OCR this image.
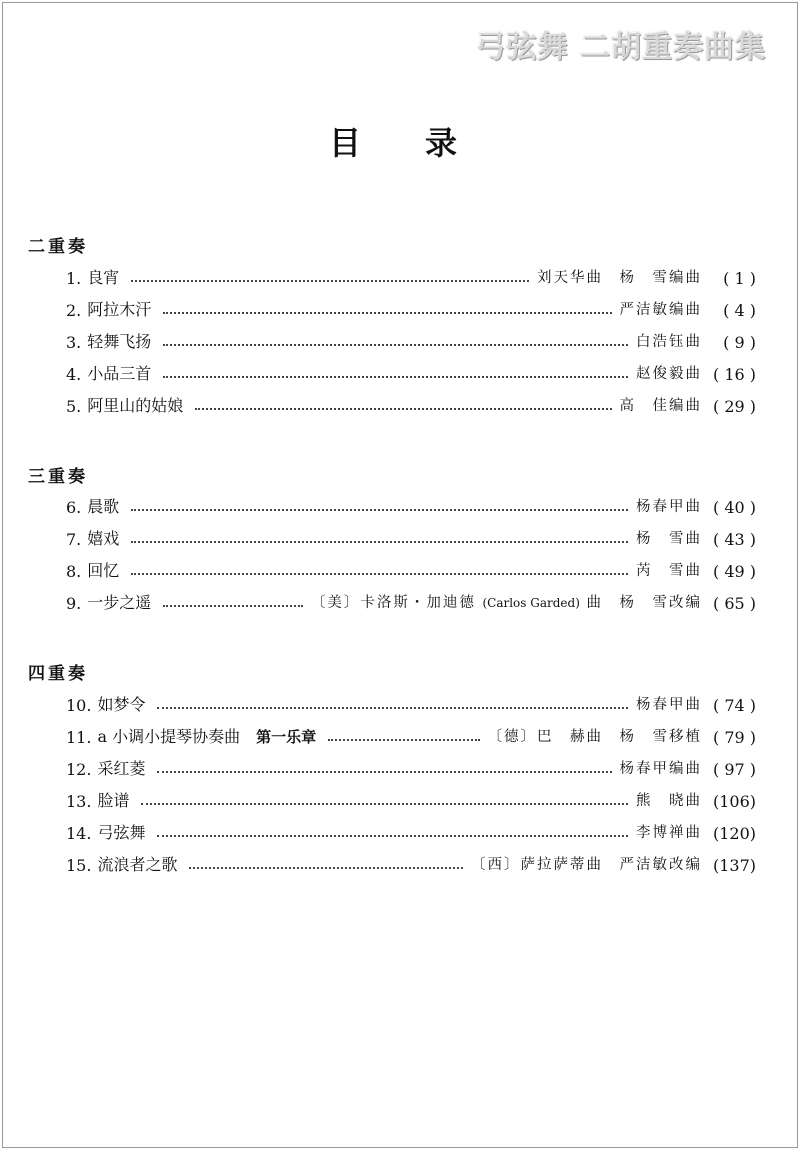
弓弦舞 二胡重奏曲集
目录
二重奏
1. 良宵	刘天华曲　杨　雪编曲	( 1 )
2. 阿拉木汗	严洁敏编曲	( 4 )
3. 轻舞飞扬	白浩钰曲	( 9 )
4. 小品三首	赵俊毅曲 ( 16 )
5. 阿里山的姑娘	高　佳编曲 ( 29 )
三重奏
6. 晨歌	杨春甲曲 ( 40 )
7. 嬉戏	杨　雪曲 ( 43 )
8. 回忆	芮　雪曲 ( 49 )
9. 一步之遥	〔美〕卡洛斯・加迪德 (Carlos Garded) 曲　杨　雪改编 ( 65 )
四重奏
10. 如梦令	杨春甲曲 ( 74 )
11. a 小调小提琴协奏曲 第一乐章	〔德〕巴　赫曲　杨　雪移植 ( 79 )
12. 采红菱	杨春甲编曲 ( 97 )
13. 脸谱	熊　晓曲 (106)
14. 弓弦舞	李博禅曲 (120)
15. 流浪者之歌	〔西〕萨拉萨蒂曲　严洁敏改编 (137)
